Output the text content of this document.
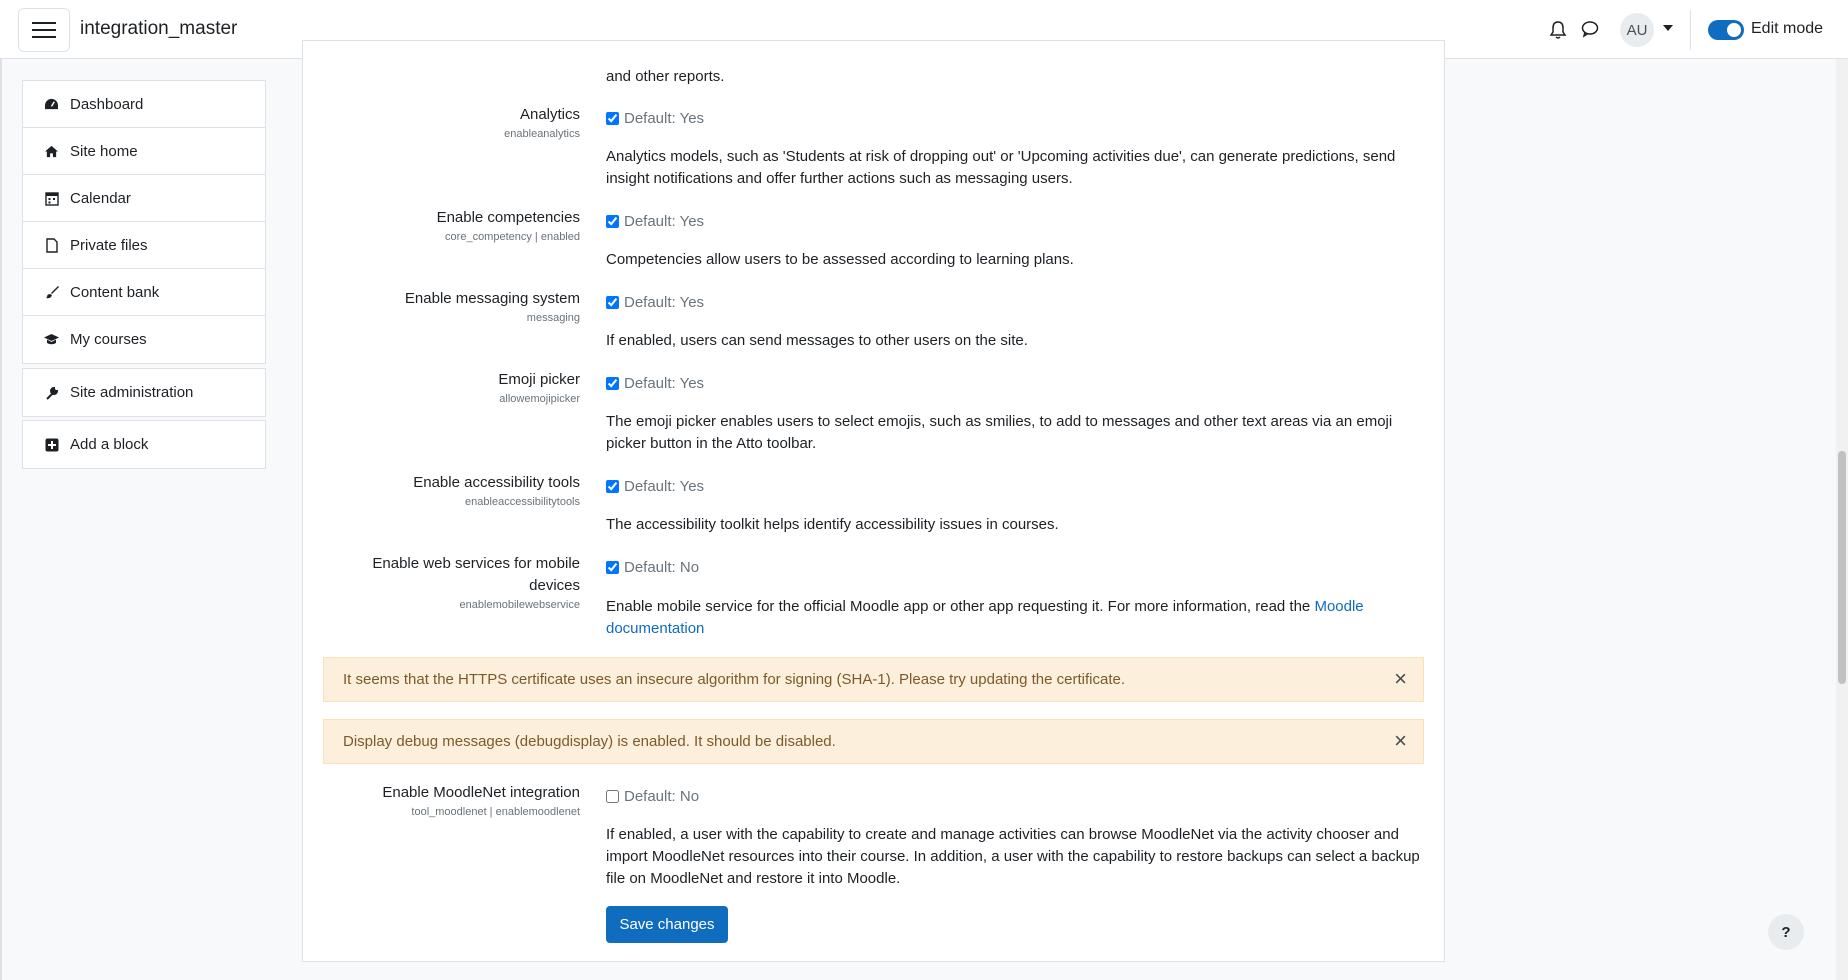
integration_master	AU	Edit mode
Dashboard
Site home
Calendar
Private files
Content bank
My courses
Site administration
Add a block
and other reports.
Analytics
enableanalytics
Default: Yes
Analytics models, such as 'Students at risk of dropping out' or 'Upcoming activities due', can generate predictions, send insight notifications and offer further actions such as messaging users.
Enable competencies
core_competency | enabled
Default: Yes
Competencies allow users to be assessed according to learning plans.
Enable messaging system
messaging
Default: Yes
If enabled, users can send messages to other users on the site.
Emoji picker
allowemojipicker
Default: Yes
The emoji picker enables users to select emojis, such as smilies, to add to messages and other text areas via an emoji picker button in the Atto toolbar.
Enable accessibility tools
enableaccessibilitytools
Default: Yes
The accessibility toolkit helps identify accessibility issues in courses.
Enable web services for mobile
devices
enablemobilewebservice
Default: No
Enable mobile service for the official Moodle app or other app requesting it. For more information, read the Moodle
documentation
It seems that the HTTPS certificate uses an insecure algorithm for signing (SHA-1). Please try updating the certificate.	×
Display debug messages (debugdisplay) is enabled. It should be disabled.	×
Enable MoodleNet integration
tool_moodlenet | enablemoodlenet
Default: No
If enabled, a user with the capability to create and manage activities can browse MoodleNet via the activity chooser and import MoodleNet resources into their course. In addition, a user with the capability to restore backups can select a backup file on MoodleNet and restore it into Moodle.
Save changes	?
